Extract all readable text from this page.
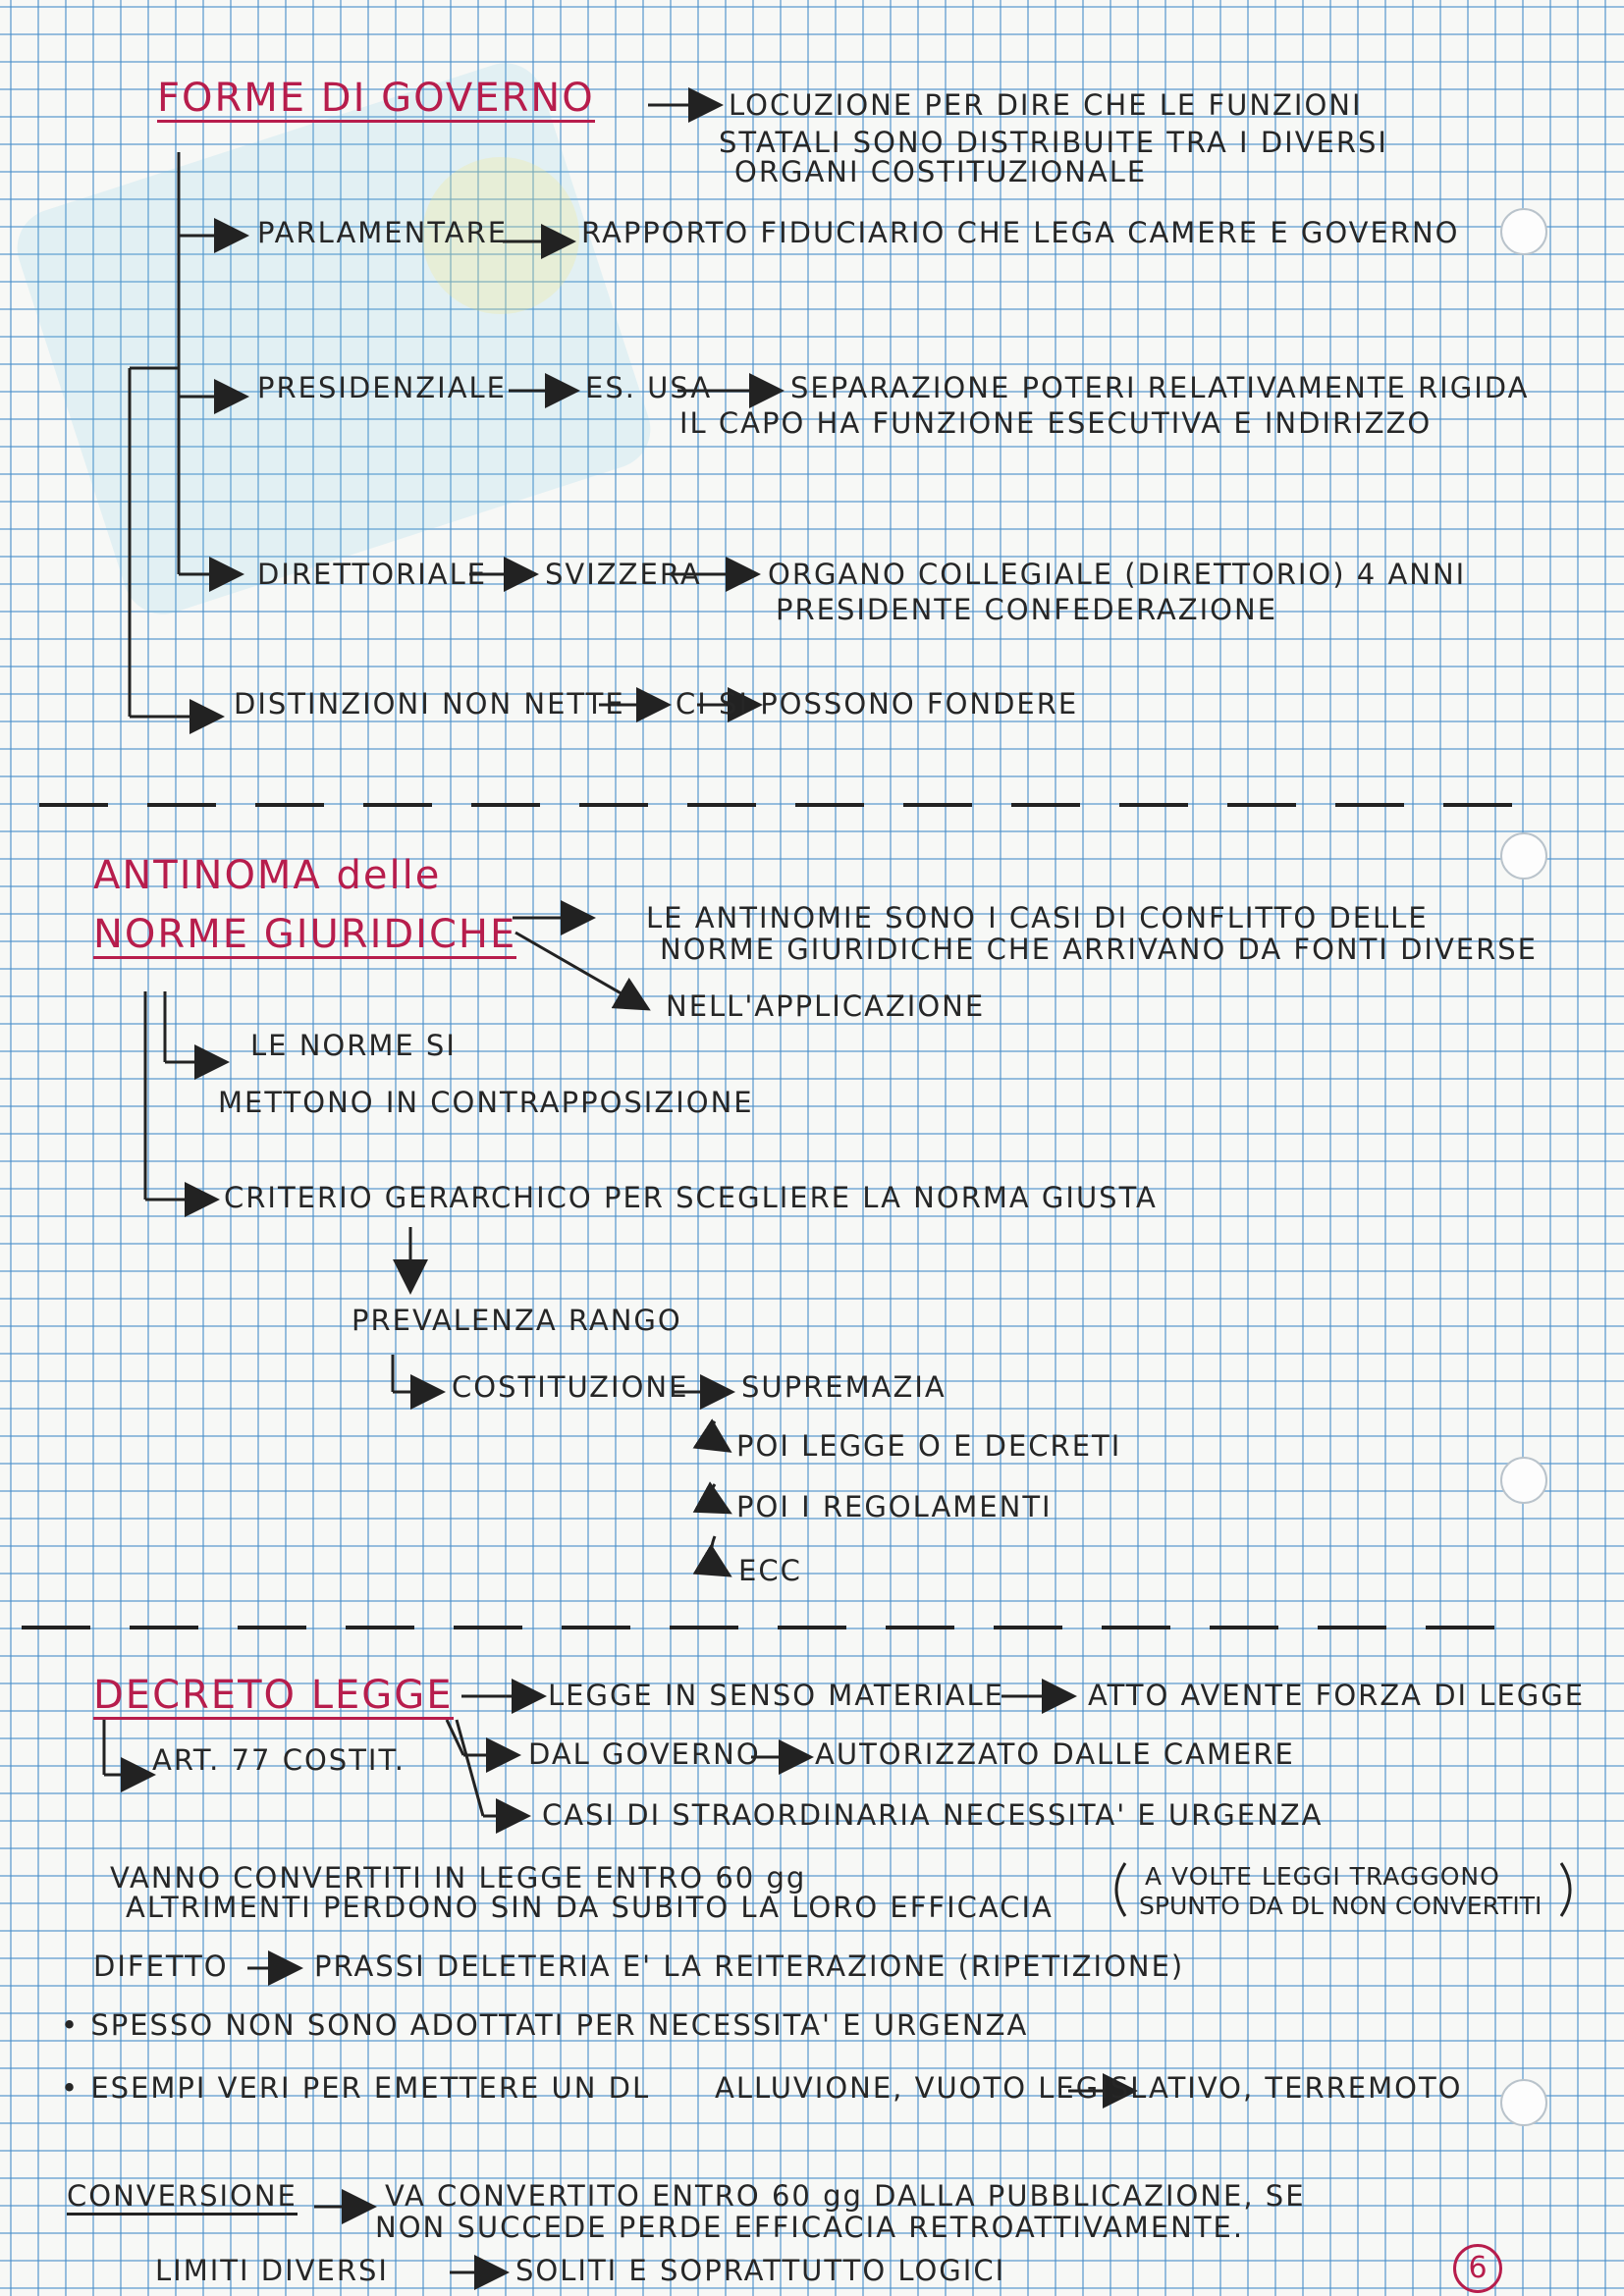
FORME DI GOVERNO	LOCUZIONE PER DIRE CHE LE FUNZIONI
STATALI SONO DISTRIBUITE TRA I DIVERSI
ORGANI COSTITUZIONALE
PARLAMENTARE	RAPPORTO FIDUCIARIO CHE LEGA CAMERE E GOVERNO
PRESIDENZIALE	ES. USA	SEPARAZIONE POTERI RELATIVAMENTE RIGIDA
IL CAPO HA FUNZIONE ESECUTIVA E INDIRIZZO
DIRETTORIALE SVIZZERA ORGANO COLLEGIALE (DIRETTORIO) 4 ANNI
PRESIDENTE CONFEDERAZIONE
DISTINZIONI NON NETTE CI SI POSSONO FONDERE
ANTINOMA delle
NORME GIURIDICHE	LE ANTINOMIE SONO I CASI DI CONFLITTO DELLE
NORME GIURIDICHE CHE ARRIVANO DA FONTI DIVERSE
NELL'APPLICAZIONE
LE NORME SI
METTONO IN CONTRAPPOSIZIONE
CRITERIO GERARCHICO PER SCEGLIERE LA NORMA GIUSTA
PREVALENZA RANGO
COSTITUZIONE SUPREMAZIA
POI LEGGE O E DECRETI
POI I REGOLAMENTI
ECC
DECRETO LEGGE	LEGGE IN SENSO MATERIALE	ATTO AVENTE FORZA DI LEGGE
ART. 77 COSTIT.	DAL GOVERNO AUTORIZZATO DALLE CAMERE
CASI DI STRAORDINARIA NECESSITA' E URGENZA
VANNO CONVERTITI IN LEGGE ENTRO 60 gg
ALTRIMENTI PERDONO SIN DA SUBITO LA LORO EFFICACIA
A VOLTE LEGGI TRAGGONO
SPUNTO DA DL NON CONVERTITI
DIFETTO	PRASSI DELETERIA E' LA REITERAZIONE (RIPETIZIONE)
• SPESSO NON SONO ADOTTATI PER NECESSITA' E URGENZA
• ESEMPI VERI PER EMETTERE UN DL ALLUVIONE, VUOTO LEGISLATIVO, TERREMOTO
CONVERSIONE	VA CONVERTITO ENTRO 60 gg DALLA PUBBLICAZIONE, SE
NON SUCCEDE PERDE EFFICACIA RETROATTIVAMENTE.
LIMITI DIVERSI	SOLITI E SOPRATTUTTO LOGICI	6
